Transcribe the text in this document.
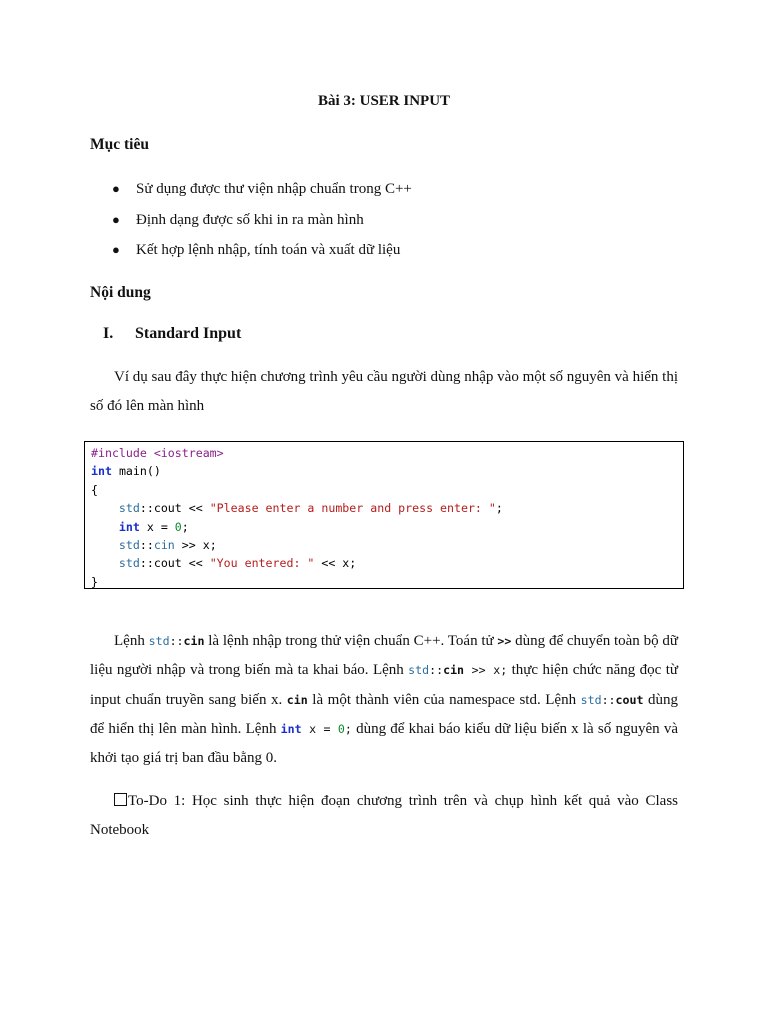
Bài 3: USER INPUT
Mục tiêu
● Sử dụng được thư viện nhập chuẩn trong C++
● Định dạng được số khi in ra màn hình
● Kết hợp lệnh nhập, tính toán và xuất dữ liệu
Nội dung
I. Standard Input
Ví dụ sau đây thực hiện chương trình yêu cầu người dùng nhập vào một số nguyên và hiển thị số đó lên màn hình
#include <iostream>
int main()
{
std::cout << "Please enter a number and press enter: ";
int x = 0;
std::cin >> x;
std::cout << "You entered: " << x;
}
Lệnh std::cin là lệnh nhập trong thử viện chuẩn C++. Toán tử >> dùng để chuyển toàn bộ dữ liệu người nhập và trong biến mà ta khai báo. Lệnh std::cin >> x; thực hiện chức năng đọc từ input chuẩn truyền sang biến x. cin là một thành viên của namespace std. Lệnh std::cout dùng để hiển thị lên màn hình. Lệnh int x = 0; dùng để khai báo kiểu dữ liệu biến x là số nguyên và khởi tạo giá trị ban đầu bằng 0.
To-Do 1: Học sinh thực hiện đoạn chương trình trên và chụp hình kết quả vào Class Notebook
